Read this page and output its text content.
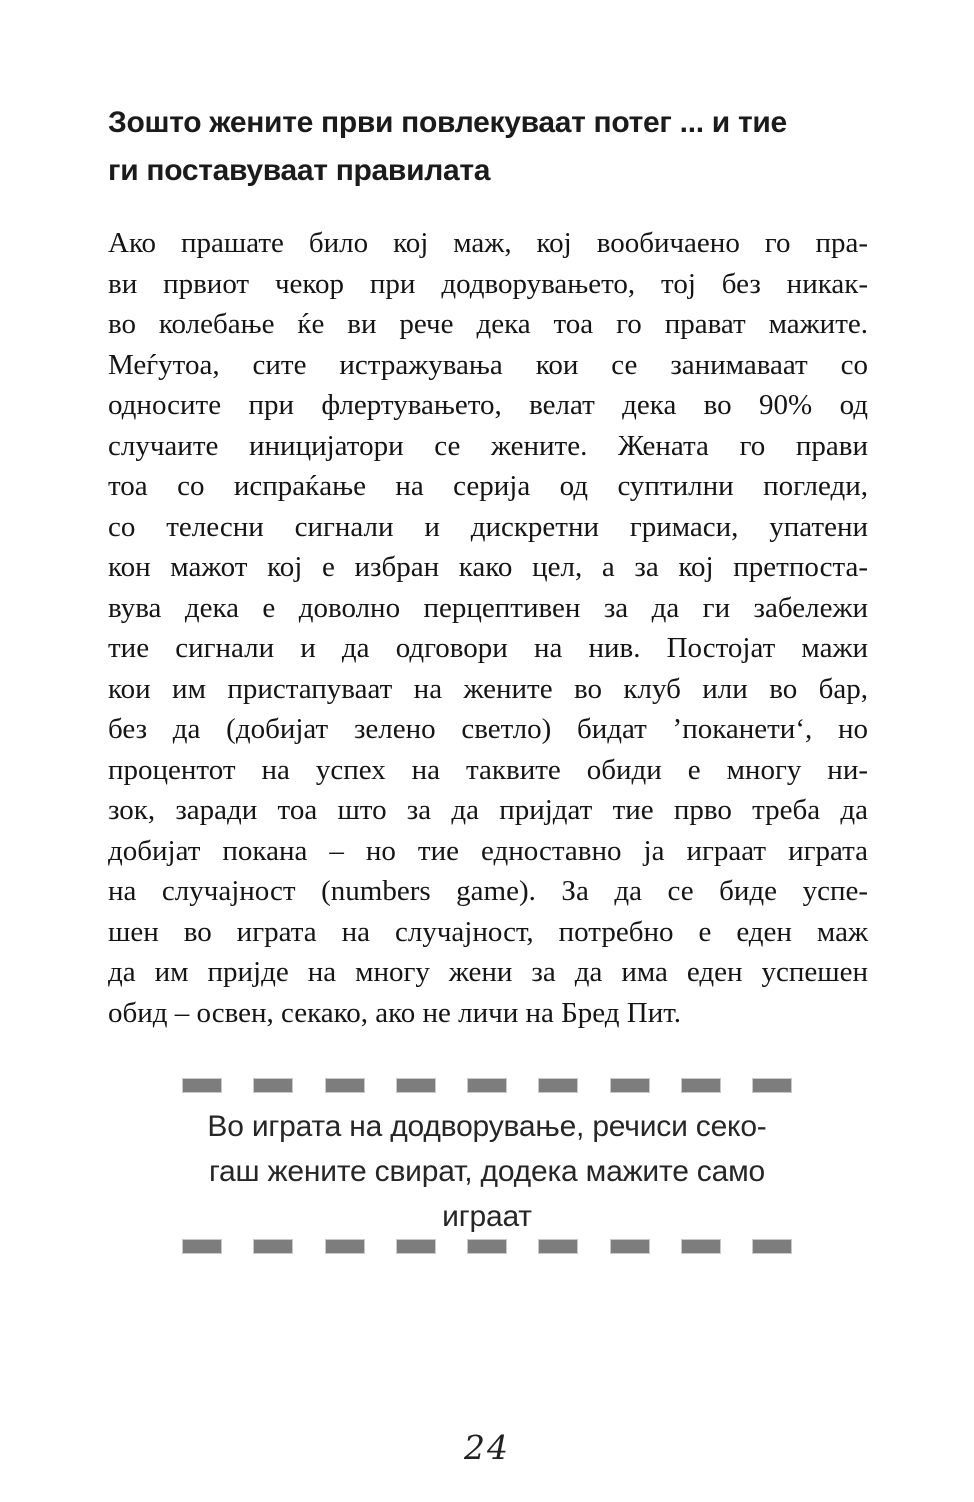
Зошто жените први повлекуваат потег ... и тие
ги поставуваат правилата
Ако прашате било кој маж, кој вообичаено го пра-
ви првиот чекор при додворувањето, тој без никак-
во колебање ќе ви рече дека тоа го прават мажите.
Меѓутоа, сите истражувања кои се занимаваат со
односите при флертувањето, велат дека во 90% од
случаите иницијатори се жените. Жената го прави
тоа со испраќање на серија од суптилни погледи,
со телесни сигнали и дискретни гримаси, упатени
кон мажот кој е избран како цел, а за кој претпоста-
вува дека е доволно перцептивен за да ги забележи
тие сигнали и да одговори на нив. Постојат мажи
кои им пристапуваат на жените во клуб или во бар,
без да (добијат зелено светло) бидат ’поканети‘, но
процентот на успех на таквите обиди е многу ни-
зок, заради тоа што за да пријдат тие прво треба да
добијат покана – но тие едноставно ја играат играта
на случајност (numbers game). За да се биде успе-
шен во играта на случајност, потребно е еден маж
да им пријде на многу жени за да има еден успешен
обид – освен, секако, ако не личи на Бред Пит.
Во играта на додворување, речиси секо-
гаш жените свират, додека мажите само
играат
24
